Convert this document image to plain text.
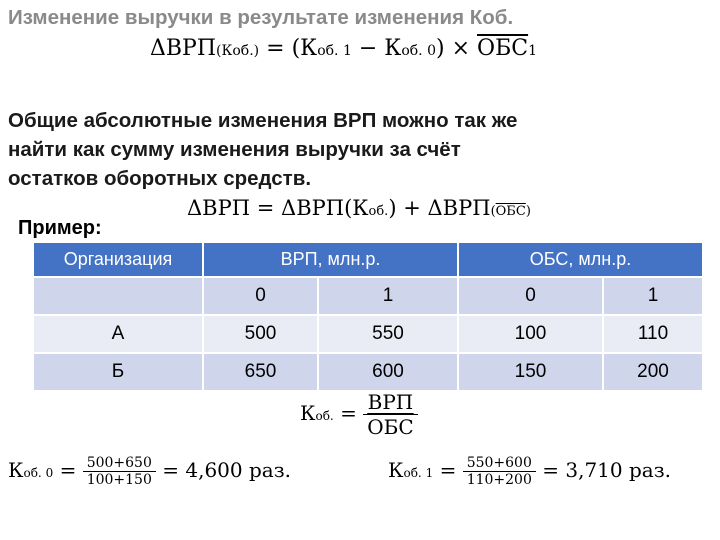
Изменение выручки в результате изменения Коб.
ΔВРП(Коб.) = (Коб. 1 − Коб. 0) × ОБС1
Общие абсолютные изменения ВРП можно так же
найти как сумму изменения выручки за счёт
остатков оборотных средств.
Пример:
ΔВРП = ΔВРП(Коб.) + ΔВРП(ОБС)
Организация	ВРП, млн.р.		ОБС, млн.р.	
	0	1	0	1
А	500	550	100	110
Б	650	600	150	200
Коб. = $\frac{\text{ВРП}}{\text{ОБС}}$
Коб. $0 = \frac{500+650}{100+150} = 4,600$ раз.	Коб. $1 = \frac{550+600}{110+200} = 3,710$ раз.
